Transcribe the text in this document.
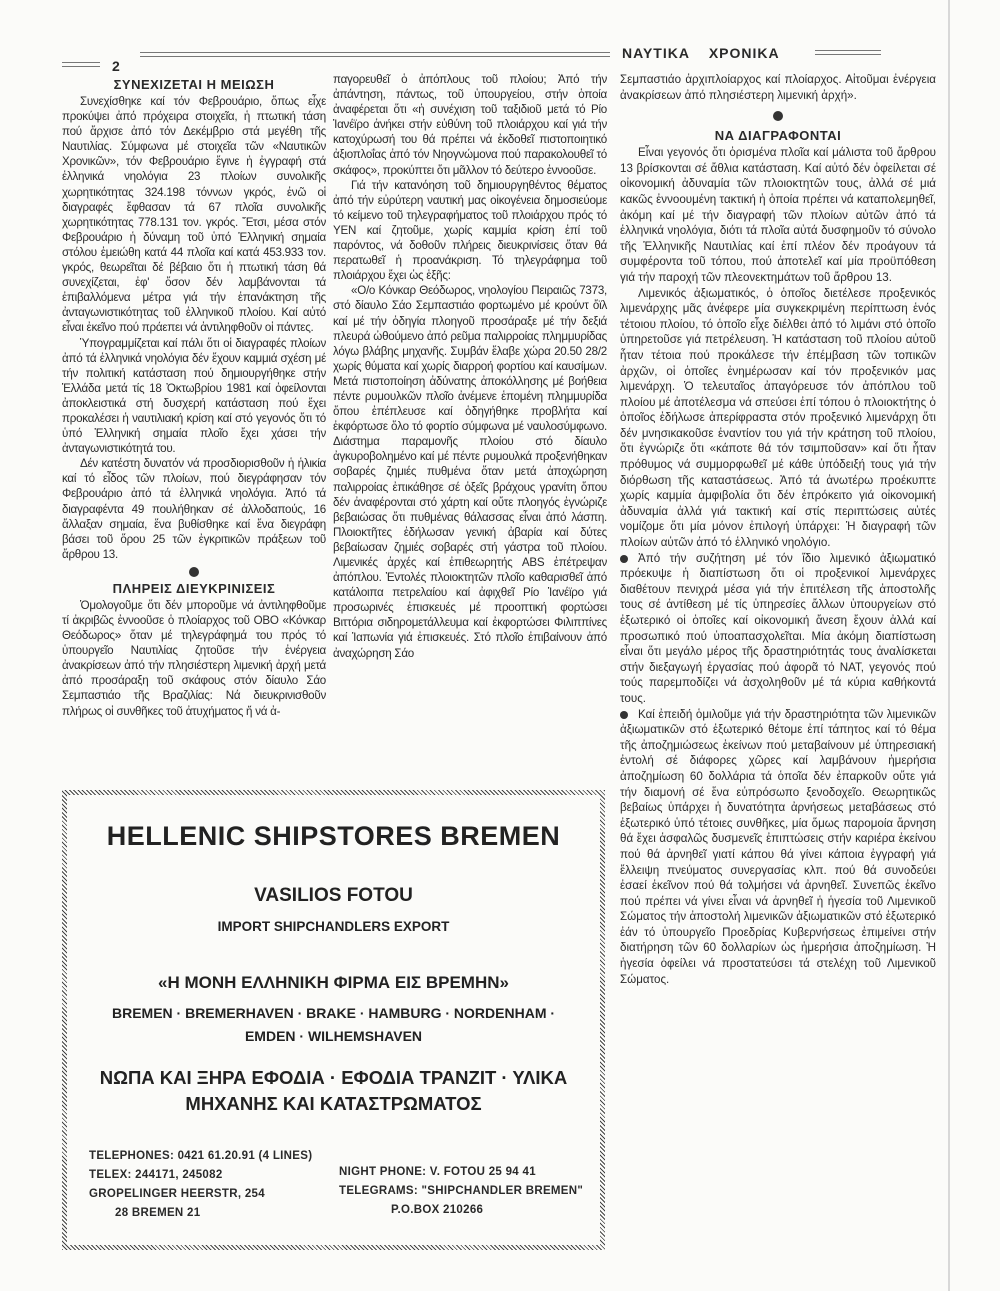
2
ΝΑΥΤΙΚΑ ΧΡΟΝΙΚΑ
ΣΥΝΕΧΙΖΕΤΑΙ Η ΜΕΙΩΣΗ

Συνεχίσθηκε καί τόν Φεβρουάριο, ὅπως εἶχε προκύψει ἀπό πρόχειρα στοιχεῖα, ἡ πτωτική τάση πού ἄρχισε ἀπό τόν Δεκέμβριο στά μεγέθη τῆς Ναυτιλίας. Σύμφωνα μέ στοιχεῖα τῶν «Ναυτικῶν Χρονικῶν», τόν Φεβρουάριο ἔγινε ἡ ἐγγραφή στά ἑλληνικά νηολόγια 23 πλοίων συνολικῆς χωρητικότητας 324.198 τόννων γκρός, ἐνῶ οἱ διαγραφές ἔφθασαν τά 67 πλοῖα συνολικῆς χωρητικότητας 778.131 τον. γκρός. Ἔτσι, μέσα στόν Φεβρουάριο ἡ δύναμη τοῦ ὑπό Ἑλληνική σημαία στόλου ἐμειώθη κατά 44 πλοῖα καί κατά 453.933 τον. γκρός, θεωρεῖται δέ βέβαιο ὅτι ἡ πτωτική τάση θά συνεχίζεται, ἐφ' ὅσον δέν λαμβάνονται τά ἐπιβαλλόμενα μέτρα γιά τήν ἐπανάκτηση τῆς ἀνταγωνιστικότητας τοῦ ἑλληνικοῦ πλοίου. Καί αὐτό εἶναι ἐκεῖνο πού πράεπει νά ἀντιληφθοῦν οἱ πάντες.

Ὑπογραμμίζεται καί πάλι ὅτι οἱ διαγραφές πλοίων ἀπό τά ἑλληνικά νηολόγια δέν ἔχουν καμμιά σχέση μέ τήν πολιτική κατάσταση πού δημιουργήθηκε στήν Ἑλλάδα μετά τίς 18 Ὀκτωβρίου 1981 καί ὀφείλονται ἀποκλειστικά στή δυσχερή κατάσταση πού ἔχει προκαλέσει ἡ ναυτιλιακή κρίση καί στό γεγονός ὅτι τό ὑπό Ἑλληνική σημαία πλοῖο ἔχει χάσει τήν ἀνταγωνιστικότητά του.

Δέν κατέστη δυνατόν νά προσδιορισθοῦν ἡ ἡλικία καί τό εἶδος τῶν πλοίων, πού διεγράφησαν τόν Φεβρουάριο ἀπό τά ἑλληνικά νηολόγια. Ἀπό τά διαγραφέντα 49 πουλήθηκαν σέ ἀλλοδαπούς, 16 ἄλλαξαν σημαία, ἕνα βυθίσθηκε καί ἕνα διεγράφη βάσει τοῦ ὅρου 25 τῶν ἐγκριτικῶν πράξεων τοῦ ἄρθρου 13.

ΠΛΗΡΕΙΣ ΔΙΕΥΚΡΙΝΙΣΕΙΣ

Ὁμολογοῦμε ὅτι δέν μποροῦμε νά ἀντιληφθοῦμε τί ἀκριβῶς ἐννοοῦσε ὁ πλοίαρχος τοῦ ΟΒΟ «Κόνκαρ Θεόδωρος» ὅταν μέ τηλεγράφημά του πρός τό ὑπουργεῖο Ναυτιλίας ζητοῦσε τήν ἐνέργεια ἀνακρίσεων ἀπό τήν πλησιέστερη λιμενική ἀρχή μετά ἀπό προσάραξη τοῦ σκάφους στόν δίαυλο Σάο Σεμπαστιάο τῆς Βραζιλίας: Νά διευκρινισθοῦν πλήρως οἱ συνθῆκες τοῦ ἀτυχήματος ἤ νά ἀ-

παγορευθεῖ ὁ ἀπόπλους τοῦ πλοίου; Ἀπό τήν ἀπάντηση, πάντως, τοῦ ὑπουργείου, στήν ὁποία ἀναφέρεται ὅτι «ἡ συνέχιση τοῦ ταξιδιοῦ μετά τό Ρίο Ἰανέϊρο ἀνήκει στήν εὐθύνη τοῦ πλοιάρχου καί γιά τήν κατοχύρωσή του θά πρέπει νά ἐκδοθεῖ πιστοποιητικό ἀξιοπλοΐας ἀπό τόν Νηογνώμονα πού παρακολουθεῖ τό σκάφος», προκύπτει ὅτι μᾶλλον τό δεύτερο ἐννοοῦσε.

Γιά τήν κατανόηση τοῦ δημιουργηθέντος θέματος ἀπό τήν εὐρύτερη ναυτική μας οἰκογένεια δημοσιεύομε τό κείμενο τοῦ τηλεγραφήματος τοῦ πλοιάρχου πρός τό ΥΕΝ καί ζητοῦμε, χωρίς καμμία κρίση ἐπί τοῦ παρόντος, νά δοθοῦν πλήρεις διευκρινίσεις ὅταν θά περατωθεῖ ἡ προανάκριση. Τό τηλεγράφημα τοῦ πλοιάρχου ἔχει ὡς ἑξῆς:

«Ο/ο Κόνκαρ Θεόδωρος, νηολογίου Πειραιῶς 7373, στό δίαυλο Σάο Σεμπαστιάο φορτωμένο μέ κρούντ ὄϊλ καί μέ τήν ὁδηγία πλοηγοῦ προσάραξε μέ τήν δεξιά πλευρά ὠθούμενο ἀπό ρεῦμα παλιρροίας πλημμυρίδας λόγω βλάβης μηχανῆς. Συμβάν ἔλαβε χώρα 20.50 28/2 χωρίς θύματα καί χωρίς διαρροή φορτίου καί καυσίμων. Μετά πιστοποίηση ἀδύνατης ἀποκόλλησης μέ βοήθεια πέντε ρυμουλκῶν πλοῖο ἀνέμενε ἑπομένη πλημμυρίδα ὅπου ἐπέπλευσε καί ὁδηγήθηκε προβλήτα καί ἐκφόρτωσε ὅλο τό φορτίο σύμφωνα μέ ναυλοσύμφωνο. Διάστημα παραμονῆς πλοίου στό δίαυλο ἀγκυροβολημένο καί μέ πέντε ρυμουλκά προξενήθηκαν σοβαρές ζημιές πυθμένα ὅταν μετά ἀποχώρηση παλιρροίας ἐπικάθησε σέ ὀξεῖς βράχους γρανίτη ὅπου δέν ἀναφέρονται στό χάρτη καί οὔτε πλοηγός ἐγνώριζε βεβαιώσας ὅτι πυθμένας θάλασσας εἶναι ἀπό λάσπη. Πλοιοκτῆτες ἐδήλωσαν γενική ἀβαρία καί δύτες βεβαίωσαν ζημιές σοβαρές στή γάστρα τοῦ πλοίου. Λιμενικές ἀρχές καί ἐπιθεωρητής ABS ἐπέτρεψαν ἀπόπλου. Ἐντολές πλοιοκτητῶν πλοῖο καθαρισθεῖ ἀπό κατάλοιπα πετρελαίου καί ἀφιχθεῖ Ρίο Ἰανέϊρο γιά προσωρινές ἐπισκευές μέ προοπτική φορτώσει Βιττόρια σιδηρομετάλλευμα καί ἐκφορτώσει Φιλιππίνες καί Ἰαπωνία γιά ἐπισκευές. Στό πλοῖο ἐπιβαίνουν ἀπό ἀναχώρηση Σάο

Σεμπαστιάο ἀρχιπλοίαρχος καί πλοίαρχος. Αἰτοῦμαι ἐνέργεια ἀνακρίσεων ἀπό πλησιέστερη λιμενική ἀρχή».

ΝΑ ΔΙΑΓΡΑΦΟΝΤΑΙ

Εἶναι γεγονός ὅτι ὁρισμένα πλοῖα καί μάλιστα τοῦ ἄρθρου 13 βρίσκονται σέ ἄθλια κατάσταση. Καί αὐτό δέν ὀφείλεται σέ οἰκονομική ἀδυναμία τῶν πλοιοκτητῶν τους, ἀλλά σέ μιά κακῶς ἐννοουμένη τακτική ἡ ὁποία πρέπει νά καταπολεμηθεῖ, ἀκόμη καί μέ τήν διαγραφή τῶν πλοίων αὐτῶν ἀπό τά ἑλληνικά νηολόγια, διότι τά πλοῖα αὐτά δυσφημοῦν τό σύνολο τῆς Ἑλληνικῆς Ναυτιλίας καί ἐπί πλέον δέν προάγουν τά συμφέροντα τοῦ τόπου, πού ἀποτελεῖ καί μία προϋπόθεση γιά τήν παροχή τῶν πλεονεκτημάτων τοῦ ἄρθρου 13.

Λιμενικός ἀξιωματικός, ὁ ὁποῖος διετέλεσε προξενικός λιμενάρχης μᾶς ἀνέφερε μία συγκεκριμένη περίπτωση ἑνός τέτοιου πλοίου, τό ὁποῖο εἶχε διέλθει ἀπό τό λιμάνι στό ὁποῖο ὑπηρετοῦσε γιά πετρέλευση. Ἡ κατάσταση τοῦ πλοίου αὐτοῦ ἦταν τέτοια πού προκάλεσε τήν ἐπέμβαση τῶν τοπικῶν ἀρχῶν, οἱ ὁποῖες ἐνημέρωσαν καί τόν προξενικόν μας λιμενάρχη. Ὁ τελευταῖος ἀπαγόρευσε τόν ἀπόπλου τοῦ πλοίου μέ ἀποτέλεσμα νά σπεύσει ἐπί τόπου ὁ πλοιοκτήτης ὁ ὁποῖος ἐδήλωσε ἀπερίφραστα στόν προξενικό λιμενάρχη ὅτι δέν μνησικακοῦσε ἐναντίον του γιά τήν κράτηση τοῦ πλοίου, ὅτι ἐγνώριζε ὅτι «κάποτε θά τόν τσιμποῦσαν» καί ὅτι ἦταν πρόθυμος νά συμμορφωθεῖ μέ κάθε ὑπόδειξή τους γιά τήν διόρθωση τῆς καταστάσεως. Ἀπό τά ἀνωτέρω προέκυπτε χωρίς καμμία ἀμφιβολία ὅτι δέν ἐπρόκειτο γιά οἰκονομική ἀδυναμία ἀλλά γιά τακτική καί στίς περιπτώσεις αὐτές νομίζομε ὅτι μία μόνον ἐπιλογή ὑπάρχει: Ἡ διαγραφή τῶν πλοίων αὐτῶν ἀπό τό ἑλληνικό νηολόγιο.

Ἀπό τήν συζήτηση μέ τόν ἴδιο λιμενικό ἀξιωματικό πρόεκυψε ἡ διαπίστωση ὅτι οἱ προξενικοί λιμενάρχες διαθέτουν πενιχρά μέσα γιά τήν ἐπιτέλεση τῆς ἀποστολῆς τους σέ ἀντίθεση μέ τίς ὑπηρεσίες ἄλλων ὑπουργείων στό ἐξωτερικό οἱ ὁποῖες καί οἰκονομική ἄνεση ἔχουν ἀλλά καί προσωπικό πού ὑποαπασχολεῖται. Μία ἀκόμη διαπίστωση εἶναι ὅτι μεγάλο μέρος τῆς δραστηριότητάς τους ἀναλίσκεται στήν διεξαγωγή ἐργασίας πού ἀφορᾶ τό ΝΑΤ, γεγονός πού τούς παρεμποδίζει νά ἀσχοληθοῦν μέ τά κύρια καθήκοντά τους.

Καί ἐπειδή ὁμιλοῦμε γιά τήν δραστηριότητα τῶν λιμενικῶν ἀξιωματικῶν στό ἐξωτερικό θέτομε ἐπί τάπητος καί τό θέμα τῆς ἀποζημιώσεως ἐκείνων πού μεταβαίνουν μέ ὑπηρεσιακή ἐντολή σέ διάφορες χῶρες καί λαμβάνουν ἡμερήσια ἀποζημίωση 60 δολλάρια τά ὁποῖα δέν ἐπαρκοῦν οὔτε γιά τήν διαμονή σέ ἕνα εὐπρόσωπο ξενοδοχεῖο. Θεωρητικῶς βεβαίως ὑπάρχει ἡ δυνατότητα ἀρνήσεως μεταβάσεως στό ἐξωτερικό ὑπό τέτοιες συνθῆκες, μία ὅμως παρομοία ἄρνηση θά ἔχει ἀσφαλῶς δυσμενεῖς ἐπιπτώσεις στήν καριέρα ἐκείνου πού θά ἀρνηθεῖ γιατί κάπου θά γίνει κάποια ἐγγραφή γιά ἔλλειψη πνεύματος συνεργασίας κλπ. πού θά συνοδεύει ἐσαεί ἐκεῖνον πού θά τολμήσει νά ἀρνηθεῖ. Συνεπῶς ἐκεῖνο πού πρέπει νά γίνει εἶναι νά ἀρνηθεῖ ἡ ἡγεσία τοῦ Λιμενικοῦ Σώματος τήν ἀποστολή λιμενικῶν ἀξιωματικῶν στό ἐξωτερικό ἐάν τό ὑπουργεῖο Προεδρίας Κυβερνήσεως ἐπιμείνει στήν διατήρηση τῶν 60 δολλαρίων ὡς ἡμερήσια ἀποζημίωση. Ἡ ἡγεσία ὀφείλει νά προστατεύσει τά στελέχη τοῦ Λιμενικοῦ Σώματος.

HELLENIC SHIPSTORES BREMEN
VASILIOS FOTOU
IMPORT SHIPCHANDLERS EXPORT
«Η ΜΟΝΗ ΕΛΛΗΝΙΚΗ ΦΙΡΜΑ ΕΙΣ ΒΡΕΜΗΝ»
BREMEN · BREMERHAVEN · BRAKE · HAMBURG · NORDENHAM ·
EMDEN · WILHEMSHAVEN
ΝΩΠΑ ΚΑΙ ΞΗΡΑ ΕΦΟΔΙΑ · ΕΦΟΔΙΑ ΤΡΑΝΖΙΤ · ΥΛΙΚΑ
ΜΗΧΑΝΗΣ ΚΑΙ ΚΑΤΑΣΤΡΩΜΑΤΟΣ
TELEPHONES: 0421 61.20.91 (4 LINES)
TELEX: 244171, 245082
GROPELINGER HEERSTR, 254
28 BREMEN 21
NIGHT PHONE: V. FOTOU 25 94 41
TELEGRAMS: "SHIPCHANDLER BREMEN"
P.O.BOX 210266
